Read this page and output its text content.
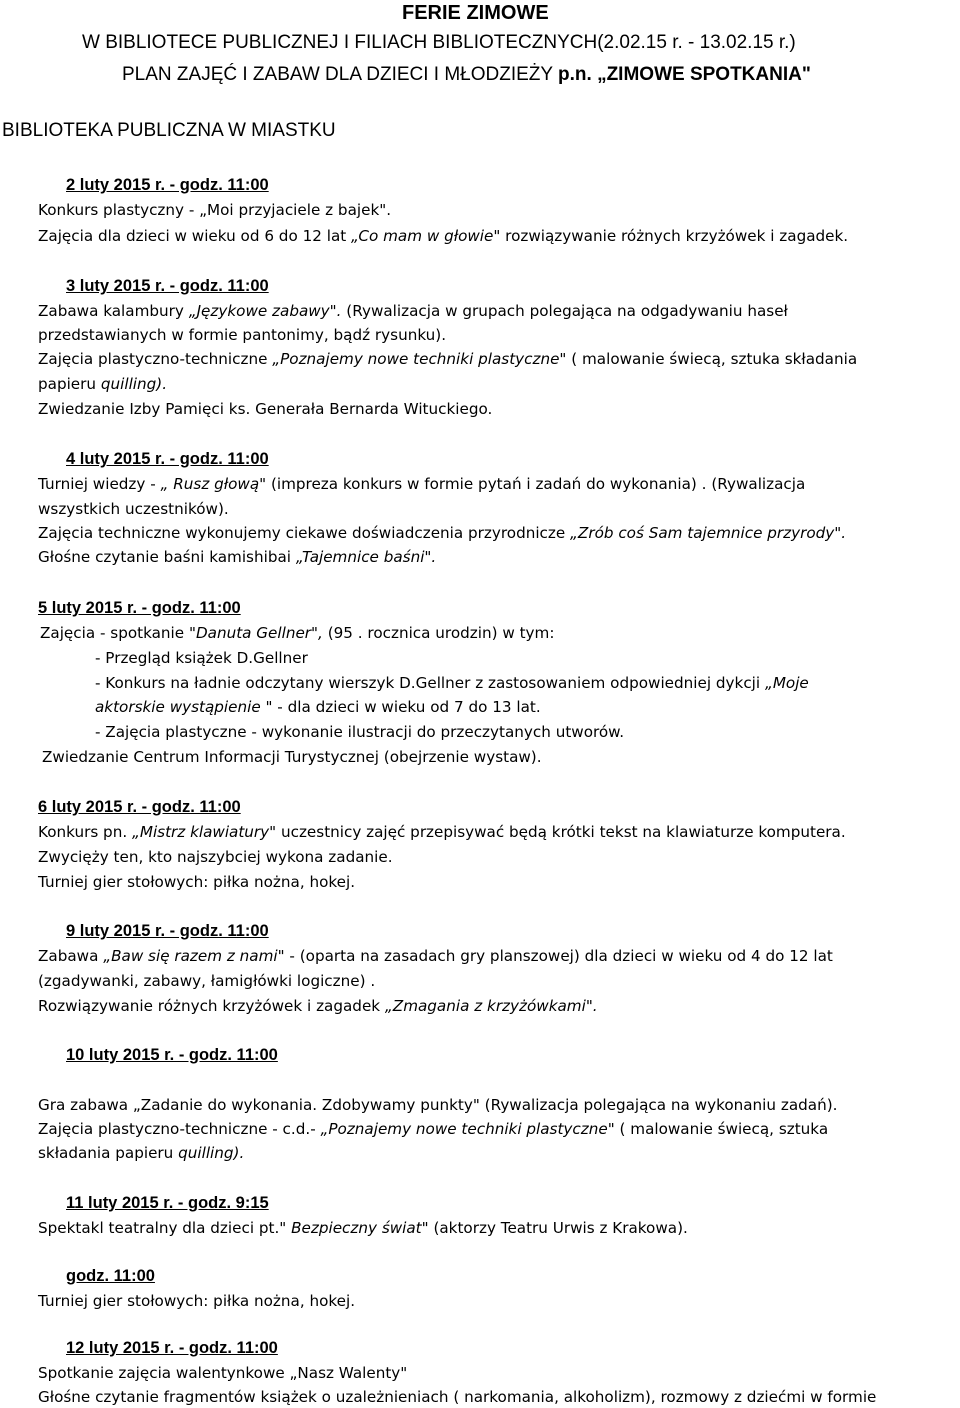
FERIE ZIMOWE
W BIBLIOTECE PUBLICZNEJ I FILIACH BIBLIOTECZNYCH(2.02.15 r. - 13.02.15 r.)
PLAN ZAJĘĆ I ZABAW DLA DZIECI I MŁODZIEŻY p.n. „ZIMOWE SPOTKANIA"
BIBLIOTEKA PUBLICZNA W MIASTKU
2 luty 2015 r. - godz. 11:00
Konkurs plastyczny - „Moi przyjaciele z bajek".
Zajęcia dla dzieci w wieku od 6 do 12 lat „Co mam w głowie" rozwiązywanie różnych krzyżówek i zagadek.
3 luty 2015 r. - godz. 11:00
Zabawa kalambury „Językowe zabawy". (Rywalizacja w grupach polegająca na odgadywaniu haseł
przedstawianych w formie pantonimy, bądź rysunku).
Zajęcia plastyczno-techniczne „Poznajemy nowe techniki plastyczne" ( malowanie świecą, sztuka składania
papieru quilling).
Zwiedzanie Izby Pamięci ks. Generała Bernarda Wituckiego.
4 luty 2015 r. - godz. 11:00
Turniej wiedzy - „ Rusz głową" (impreza konkurs w formie pytań i zadań do wykonania) . (Rywalizacja
wszystkich uczestników).
Zajęcia techniczne wykonujemy ciekawe doświadczenia przyrodnicze „Zrób coś Sam tajemnice przyrody".
Głośne czytanie baśni kamishibai „Tajemnice baśni".
5 luty 2015 r. - godz. 11:00
Zajęcia - spotkanie "Danuta Gellner", (95 . rocznica urodzin) w tym:
- Przegląd książek D.Gellner
- Konkurs na ładnie odczytany wierszyk D.Gellner z zastosowaniem odpowiedniej dykcji „Moje
aktorskie wystąpienie " - dla dzieci w wieku od 7 do 13 lat.
- Zajęcia plastyczne - wykonanie ilustracji do przeczytanych utworów.
Zwiedzanie Centrum Informacji Turystycznej (obejrzenie wystaw).
6 luty 2015 r. - godz. 11:00
Konkurs pn. „Mistrz klawiatury" uczestnicy zajęć przepisywać będą krótki tekst na klawiaturze komputera.
Zwycięży ten, kto najszybciej wykona zadanie.
Turniej gier stołowych: piłka nożna, hokej.
9 luty 2015 r. - godz. 11:00
Zabawa „Baw się razem z nami" - (oparta na zasadach gry planszowej) dla dzieci w wieku od 4 do 12 lat
(zgadywanki, zabawy, łamigłówki logiczne) .
Rozwiązywanie różnych krzyżówek i zagadek „Zmagania z krzyżówkami".
10 luty 2015 r. - godz. 11:00
Gra zabawa „Zadanie do wykonania. Zdobywamy punkty" (Rywalizacja polegająca na wykonaniu zadań).
Zajęcia plastyczno-techniczne - c.d.- „Poznajemy nowe techniki plastyczne" ( malowanie świecą, sztuka
składania papieru quilling).
11 luty 2015 r. - godz. 9:15
Spektakl teatralny dla dzieci pt." Bezpieczny świat" (aktorzy Teatru Urwis z Krakowa).
godz. 11:00
Turniej gier stołowych: piłka nożna, hokej.
12 luty 2015 r. - godz. 11:00
Spotkanie zajęcia walentynkowe „Nasz Walenty"
Głośne czytanie fragmentów książek o uzależnieniach ( narkomania, alkoholizm), rozmowy z dziećmi w formie
